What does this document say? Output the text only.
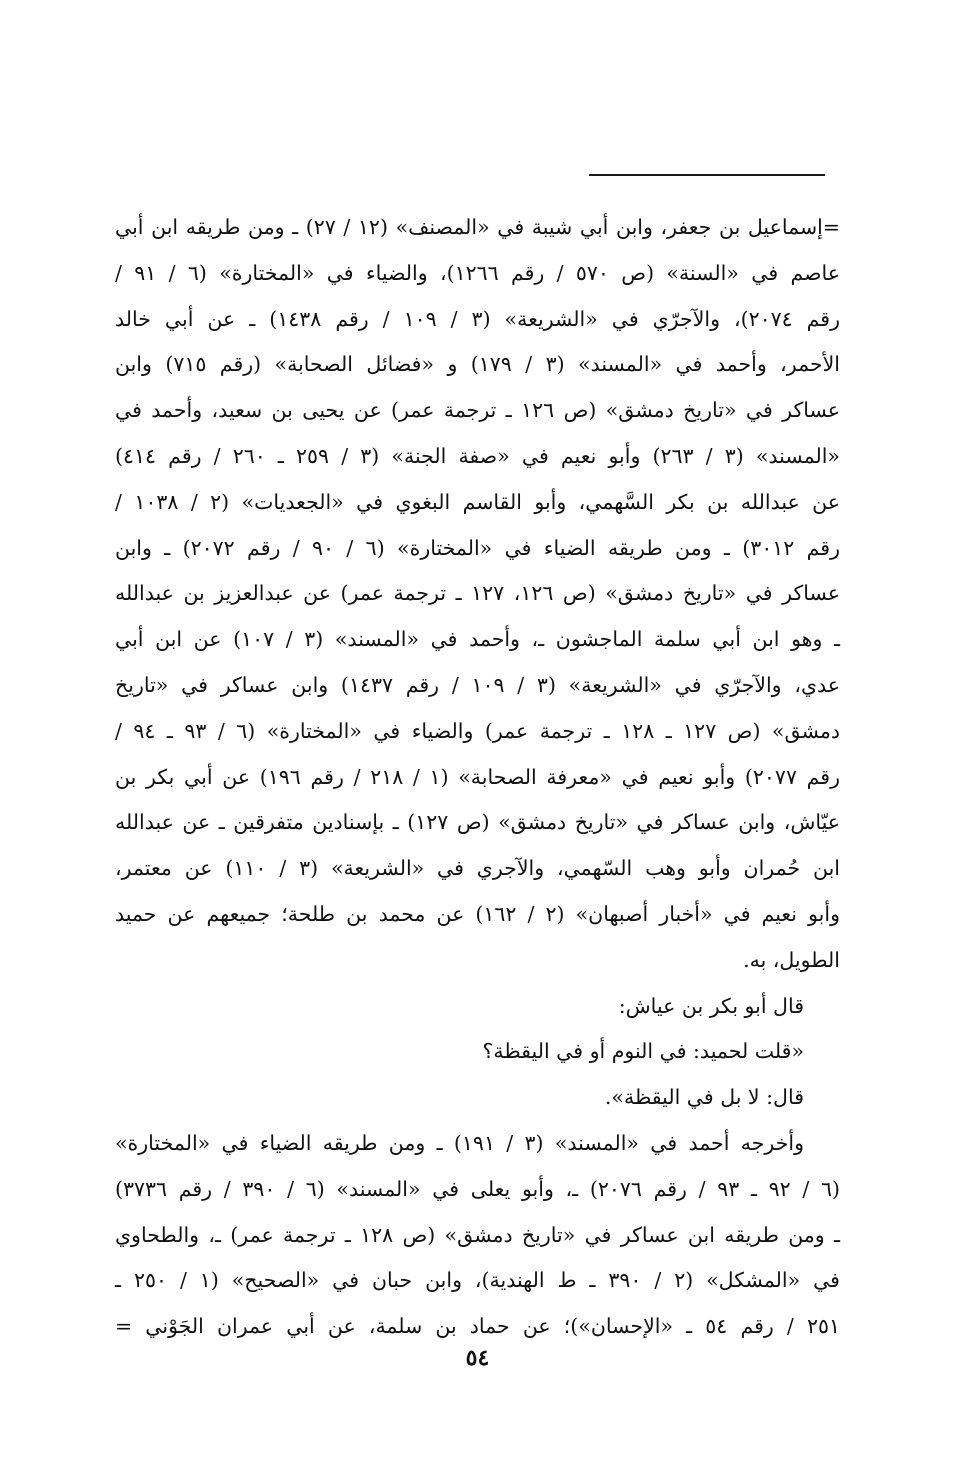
=إسماعيل بن جعفر، وابن أبي شيبة في «المصنف» (١٢ / ٢٧) ـ ومن طريقه ابن أبي
عاصم في «السنة» (ص ٥٧٠ / رقم ١٢٦٦)، والضياء في «المختارة» (٦ / ٩١ /
رقم ٢٠٧٤)، والآجرّي في «الشريعة» (٣ / ١٠٩ / رقم ١٤٣٨) ـ عن أبي خالد
الأحمر، وأحمد في «المسند» (٣ / ١٧٩) و «فضائل الصحابة» (رقم ٧١٥) وابن
عساكر في «تاريخ دمشق» (ص ١٢٦ ـ ترجمة عمر) عن يحيى بن سعيد، وأحمد في
«المسند» (٣ / ٢٦٣) وأبو نعيم في «صفة الجنة» (٣ / ٢٥٩ ـ ٢٦٠ / رقم ٤١٤)
عن عبدالله بن بكر السَّهمي، وأبو القاسم البغوي في «الجعديات» (٢ / ١٠٣٨ /
رقم ٣٠١٢) ـ ومن طريقه الضياء في «المختارة» (٦ / ٩٠ / رقم ٢٠٧٢) ـ وابن
عساكر في «تاريخ دمشق» (ص ١٢٦، ١٢٧ ـ ترجمة عمر) عن عبدالعزيز بن عبدالله
ـ وهو ابن أبي سلمة الماجشون ـ، وأحمد في «المسند» (٣ / ١٠٧) عن ابن أبي
عدي، والآجرّي في «الشريعة» (٣ / ١٠٩ / رقم ١٤٣٧) وابن عساكر في «تاريخ
دمشق» (ص ١٢٧ ـ ١٢٨ ـ ترجمة عمر) والضياء في «المختارة» (٦ / ٩٣ ـ ٩٤ /
رقم ٢٠٧٧) وأبو نعيم في «معرفة الصحابة» (١ / ٢١٨ / رقم ١٩٦) عن أبي بكر بن
عيّاش، وابن عساكر في «تاريخ دمشق» (ص ١٢٧) ـ بإسنادين متفرقين ـ عن عبدالله
ابن حُمران وأبو وهب السّهمي، والآجري في «الشريعة» (٣ / ١١٠) عن معتمر،
وأبو نعيم في «أخبار أصبهان» (٢ / ١٦٢) عن محمد بن طلحة؛ جميعهم عن حميد
الطويل، به.
قال أبو بكر بن عياش:
«قلت لحميد: في النوم أو في اليقظة؟
قال: لا بل في اليقظة».
وأخرجه أحمد في «المسند» (٣ / ١٩١) ـ ومن طريقه الضياء في «المختارة»
(٦ / ٩٢ ـ ٩٣ / رقم ٢٠٧٦) ـ، وأبو يعلى في «المسند» (٦ / ٣٩٠ / رقم ٣٧٣٦)
ـ ومن طريقه ابن عساكر في «تاريخ دمشق» (ص ١٢٨ ـ ترجمة عمر) ـ، والطحاوي
في «المشكل» (٢ / ٣٩٠ ـ ط الهندية)، وابن حبان في «الصحيح» (١ / ٢٥٠ ـ
٢٥١ / رقم ٥٤ ـ «الإحسان»)؛ عن حماد بن سلمة، عن أبي عمران الجَوْني =
٥٤
